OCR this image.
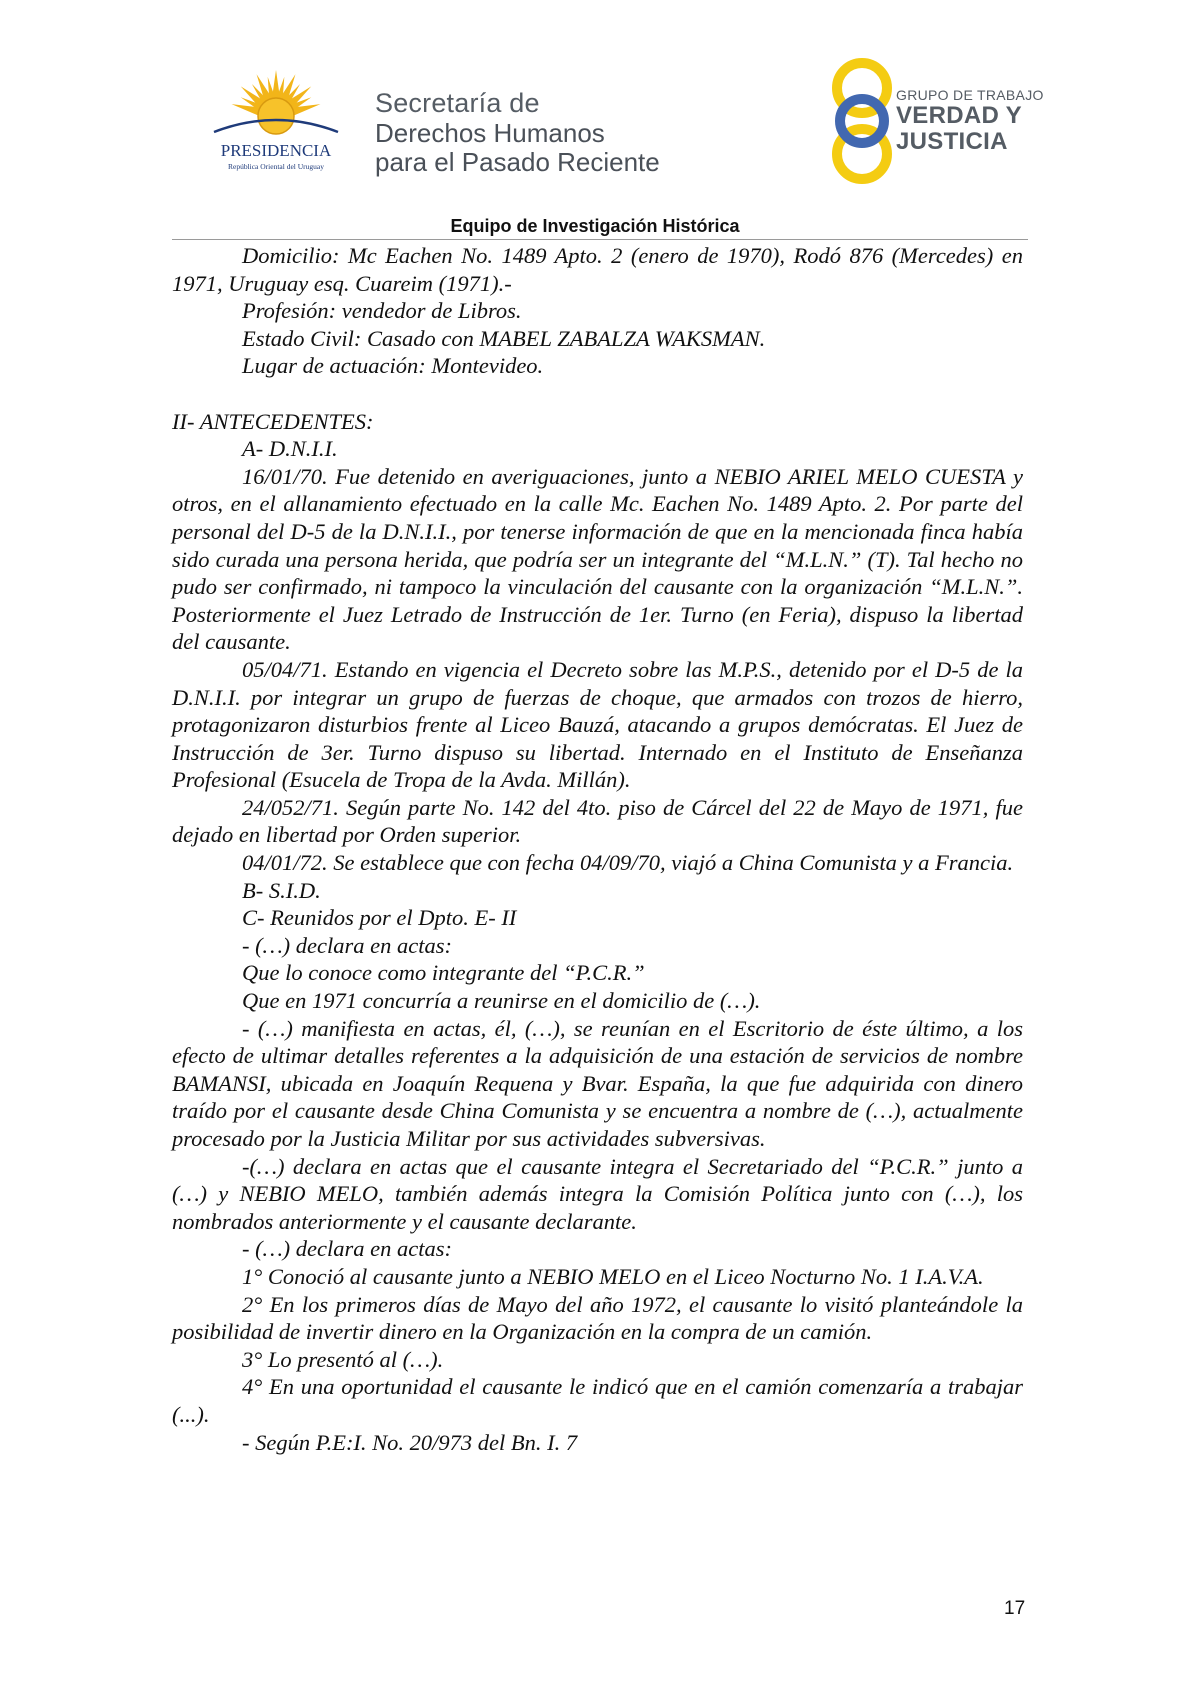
PRESIDENCIA
República Oriental del Uruguay
Secretaría de
Derechos Humanos
para el Pasado Reciente
GRUPO DE TRABAJO
VERDAD Y
JUSTICIA
Equipo de Investigación Histórica

Domicilio: Mc Eachen No. 1489 Apto. 2 (enero de 1970), Rodó 876 (Mercedes) en 1971, Uruguay esq. Cuareim (1971).-

Profesión: vendedor de Libros.

Estado Civil: Casado con MABEL ZABALZA WAKSMAN.

Lugar de actuación: Montevideo.

II- ANTECEDENTES:

A- D.N.I.I.

16/01/70. Fue detenido en averiguaciones, junto a NEBIO ARIEL MELO CUESTA y otros, en el allanamiento efectuado en la calle Mc. Eachen No. 1489 Apto. 2. Por parte del personal del D-5 de la D.N.I.I., por tenerse información de que en la mencionada finca había sido curada una persona herida, que podría ser un integrante del “M.L.N.” (T). Tal hecho no pudo ser confirmado, ni tampoco la vinculación del causante con la organización “M.L.N.”. Posteriormente el Juez Letrado de Instrucción de 1er. Turno (en Feria), dispuso la libertad del causante.

05/04/71. Estando en vigencia el Decreto sobre las M.P.S., detenido por el D-5 de la D.N.I.I. por integrar un grupo de fuerzas de choque, que armados con trozos de hierro, protagonizaron disturbios frente al Liceo Bauzá, atacando a grupos demócratas. El Juez de Instrucción de 3er. Turno dispuso su libertad. Internado en el Instituto de Enseñanza Profesional (Esucela de Tropa de la Avda. Millán).

24/052/71. Según parte No. 142 del 4to. piso de Cárcel del 22 de Mayo de 1971, fue dejado en libertad por Orden superior.

04/01/72. Se establece que con fecha 04/09/70, viajó a China Comunista y a Francia.

B- S.I.D.

C- Reunidos por el Dpto. E- II

- (…) declara en actas:

Que lo conoce como integrante del “P.C.R.”

Que en 1971 concurría a reunirse en el domicilio de (…).

- (…) manifiesta en actas, él, (…), se reunían en el Escritorio de éste último, a los efecto de ultimar detalles referentes a la adquisición de una estación de servicios de nombre BAMANSI, ubicada en Joaquín Requena y Bvar. España, la que fue adquirida con dinero traído por el causante desde China Comunista y se encuentra a nombre de (…), actualmente procesado por la Justicia Militar por sus actividades subversivas.

-(…) declara en actas que el causante integra el Secretariado del “P.C.R.” junto a (…) y NEBIO MELO, también además integra la Comisión Política junto con (…), los nombrados anteriormente y el causante declarante.

- (…) declara en actas:

1° Conoció al causante junto a NEBIO MELO en el Liceo Nocturno No. 1 I.A.V.A.

2° En los primeros días de Mayo del año 1972, el causante lo visitó planteándole la posibilidad de invertir dinero en la Organización en la compra de un camión.

3° Lo presentó al (…).

4° En una oportunidad el causante le indicó que en el camión comenzaría a trabajar (...).

- Según P.E:I. No. 20/973 del Bn. I. 7

17
